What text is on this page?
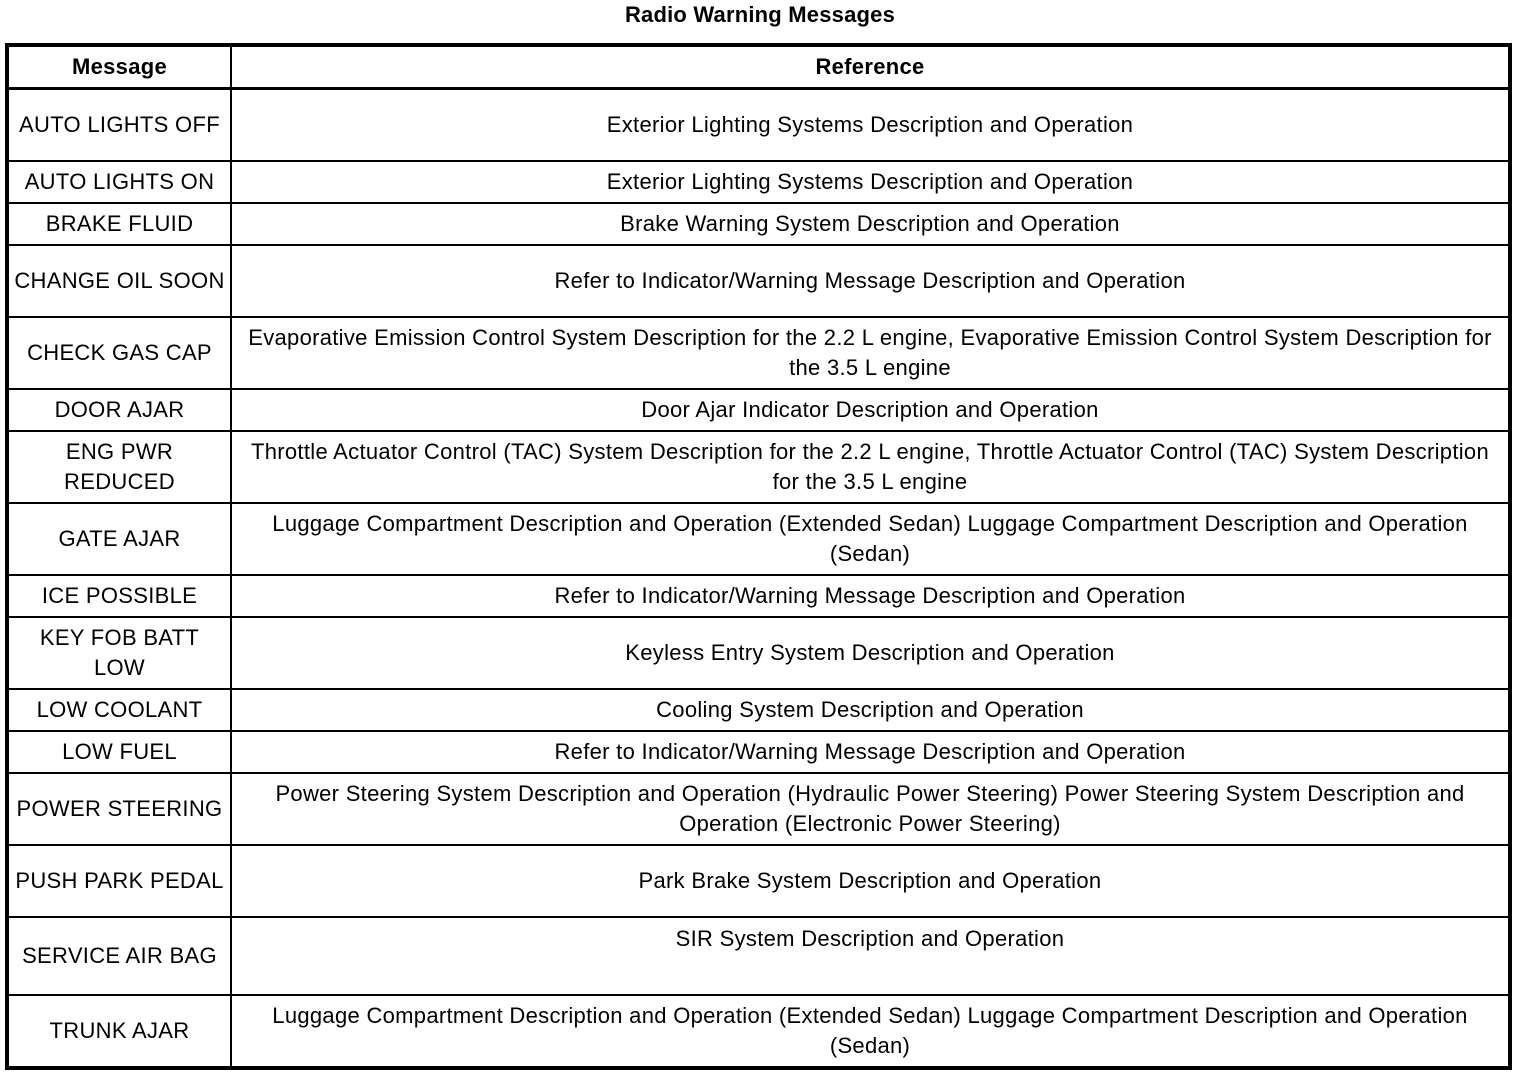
Radio Warning Messages
Message	Reference
AUTO LIGHTS OFF	Exterior Lighting Systems Description and Operation
AUTO LIGHTS ON	Exterior Lighting Systems Description and Operation
BRAKE FLUID	Brake Warning System Description and Operation
CHANGE OIL SOON	Refer to Indicator/Warning Message Description and Operation
CHECK GAS CAP	Evaporative Emission Control System Description for the 2.2 L engine, Evaporative Emission Control System Description for the 3.5 L engine
DOOR AJAR	Door Ajar Indicator Description and Operation
ENG PWR REDUCED	Throttle Actuator Control (TAC) System Description for the 2.2 L engine, Throttle Actuator Control (TAC) System Description for the 3.5 L engine
GATE AJAR	Luggage Compartment Description and Operation (Extended Sedan) Luggage Compartment Description and Operation (Sedan)
ICE POSSIBLE	Refer to Indicator/Warning Message Description and Operation
KEY FOB BATT LOW	Keyless Entry System Description and Operation
LOW COOLANT	Cooling System Description and Operation
LOW FUEL	Refer to Indicator/Warning Message Description and Operation
POWER STEERING	Power Steering System Description and Operation (Hydraulic Power Steering) Power Steering System Description and Operation (Electronic Power Steering)
PUSH PARK PEDAL	Park Brake System Description and Operation
SERVICE AIR BAG	SIR System Description and Operation
TRUNK AJAR	Luggage Compartment Description and Operation (Extended Sedan) Luggage Compartment Description and Operation (Sedan)
